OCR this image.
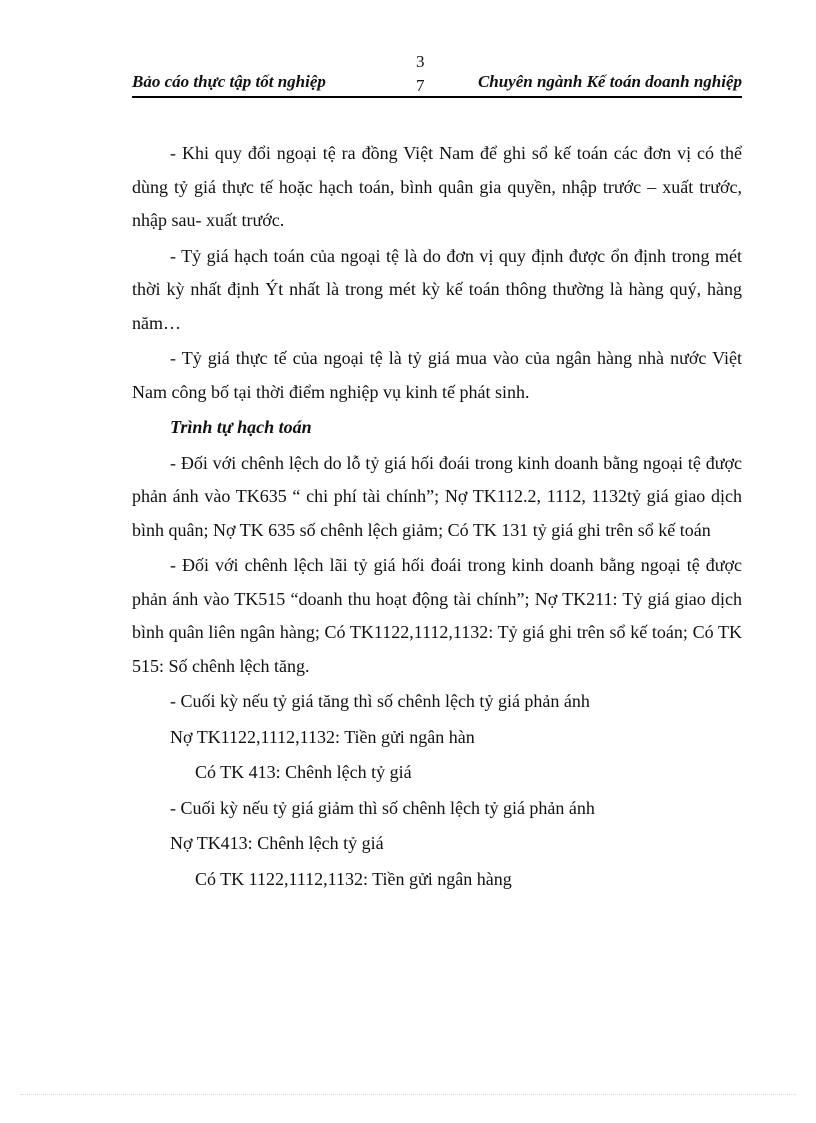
Bảo cáo thực tập tốt nghiệp
3
7	Chuyên ngành Kế toán doanh nghiệp

- Khi quy đổi ngoại tệ ra đồng Việt Nam để ghi sổ kế toán các đơn vị có thể dùng tỷ giá thực tế hoặc hạch toán, bình quân gia quyền, nhập trước – xuất trước, nhập sau- xuất trước.

- Tỷ giá hạch toán của ngoại tệ là do đơn vị quy định được ổn định trong mét thời kỳ nhất định Ýt nhất là trong mét kỳ kế toán thông thường là hàng quý, hàng năm…

- Tỷ giá thực tế của ngoại tệ là tỷ giá mua vào của ngân hàng nhà nước Việt Nam công bố tại thời điểm nghiệp vụ kinh tế phát sinh.

Trình tự hạch toán

- Đối với chênh lệch do lỗ tỷ giá hối đoái trong kinh doanh bằng ngoại tệ được phản ánh vào TK635 “ chi phí tài chính”; Nợ TK112.2, 1112, 1132tỷ giá giao dịch bình quân; Nợ TK 635 số chênh lệch giảm; Có TK 131 tỷ giá ghi trên sổ kế toán

- Đối với chênh lệch lãi tỷ giá hối đoái trong kinh doanh bằng ngoại tệ được phản ánh vào TK515 “doanh thu hoạt động tài chính”; Nợ TK211: Tỷ giá giao dịch bình quân liên ngân hàng; Có TK1122,1112,1132: Tỷ giá ghi trên sổ kế toán; Có TK 515: Số chênh lệch tăng.

- Cuối kỳ nếu tỷ giá tăng thì số chênh lệch tỷ giá phản ánh
Nợ TK1122,1112,1132: Tiền gửi ngân hàn
Có TK 413: Chênh lệch tỷ giá
- Cuối kỳ nếu tỷ giá giảm thì số chênh lệch tỷ giá phản ánh
Nợ TK413: Chênh lệch tỷ giá
Có TK 1122,1112,1132: Tiền gửi ngân hàng
